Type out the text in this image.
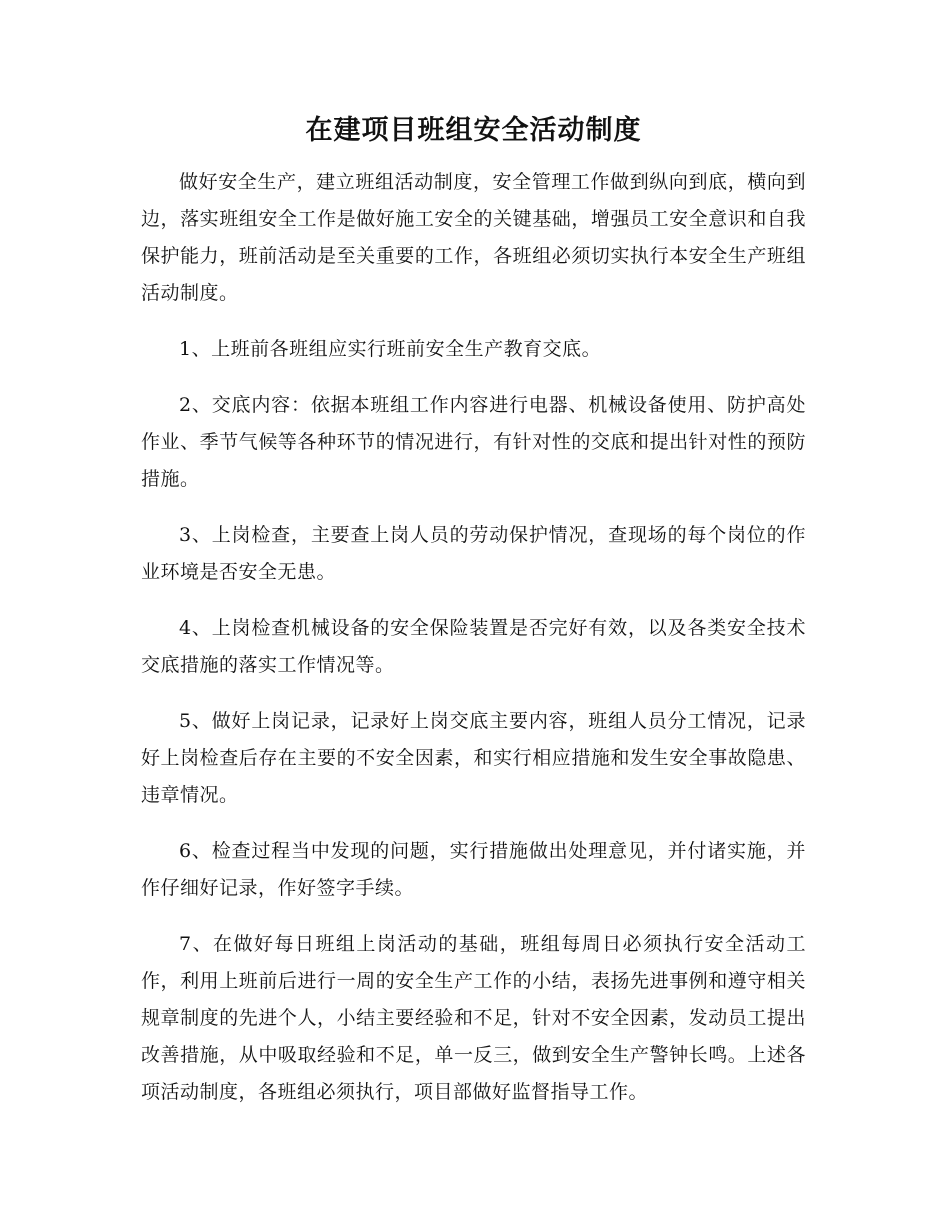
在建项目班组安全活动制度

做好安全生产，建立班组活动制度，安全管理工作做到纵向到底，横向到边，落实班组安全工作是做好施工安全的关键基础，增强员工安全意识和自我保护能力，班前活动是至关重要的工作，各班组必须切实执行本安全生产班组活动制度。

1、上班前各班组应实行班前安全生产教育交底。

2、交底内容：依据本班组工作内容进行电器、机械设备使用、防护高处作业、季节气候等各种环节的情况进行，有针对性的交底和提出针对性的预防措施。

3、上岗检查，主要查上岗人员的劳动保护情况，查现场的每个岗位的作业环境是否安全无患。

4、上岗检查机械设备的安全保险装置是否完好有效，以及各类安全技术交底措施的落实工作情况等。

5、做好上岗记录，记录好上岗交底主要内容，班组人员分工情况，记录好上岗检查后存在主要的不安全因素，和实行相应措施和发生安全事故隐患、违章情况。

6、检查过程当中发现的问题，实行措施做出处理意见，并付诸实施，并作仔细好记录，作好签字手续。

7、在做好每日班组上岗活动的基础，班组每周日必须执行安全活动工作，利用上班前后进行一周的安全生产工作的小结，表扬先进事例和遵守相关规章制度的先进个人，小结主要经验和不足，针对不安全因素，发动员工提出改善措施，从中吸取经验和不足，单一反三，做到安全生产警钟长鸣。上述各项活动制度，各班组必须执行，项目部做好监督指导工作。
